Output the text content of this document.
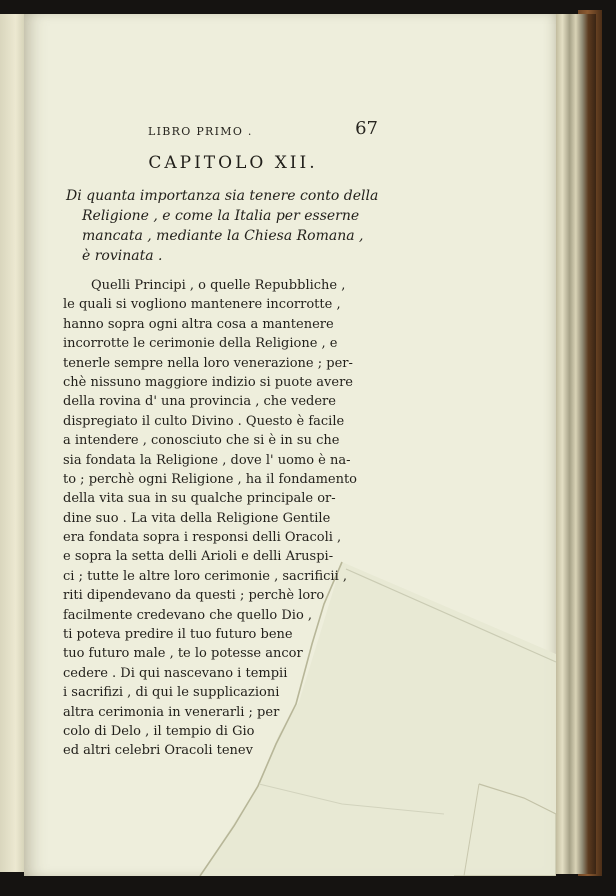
LIBRO PRIMO .	67
CAPITOLO XII.

Di quanta importanza sia tenere conto della
Religione , e come la Italia per esserne
mancata , mediante la Chiesa Romana ,
è rovinata .

Quelli Principi , o quelle Repubbliche ,
le quali si vogliono mantenere incorrotte ,
hanno sopra ogni altra cosa a mantenere
incorrotte le cerimonie della Religione , e
tenerle sempre nella loro venerazione ; per-
chè nissuno maggiore indizio si puote avere
della rovina d' una provincia , che vedere
dispregiato il culto Divino . Questo è facile
a intendere , conosciuto che si è in su che
sia fondata la Religione , dove l' uomo è na-
to ; perchè ogni Religione , ha il fondamento
della vita sua in su qualche principale or-
dine suo . La vita della Religione Gentile
era fondata sopra i responsi delli Oracoli ,
e sopra la setta delli Arioli e delli Aruspi-
ci ; tutte le altre loro cerimonie , sacrificii ,
riti dipendevano da questi ; perchè loro
facilmente credevano che quello Dio ,
ti poteva predire il tuo futuro bene
tuo futuro male , te lo potesse ancor
cedere . Di qui nascevano i tempii
i sacrifizi , di qui le supplicazioni
altra cerimonia in venerarli ; per
colo di Delo , il tempio di Gio
ed altri celebri Oracoli tenev
